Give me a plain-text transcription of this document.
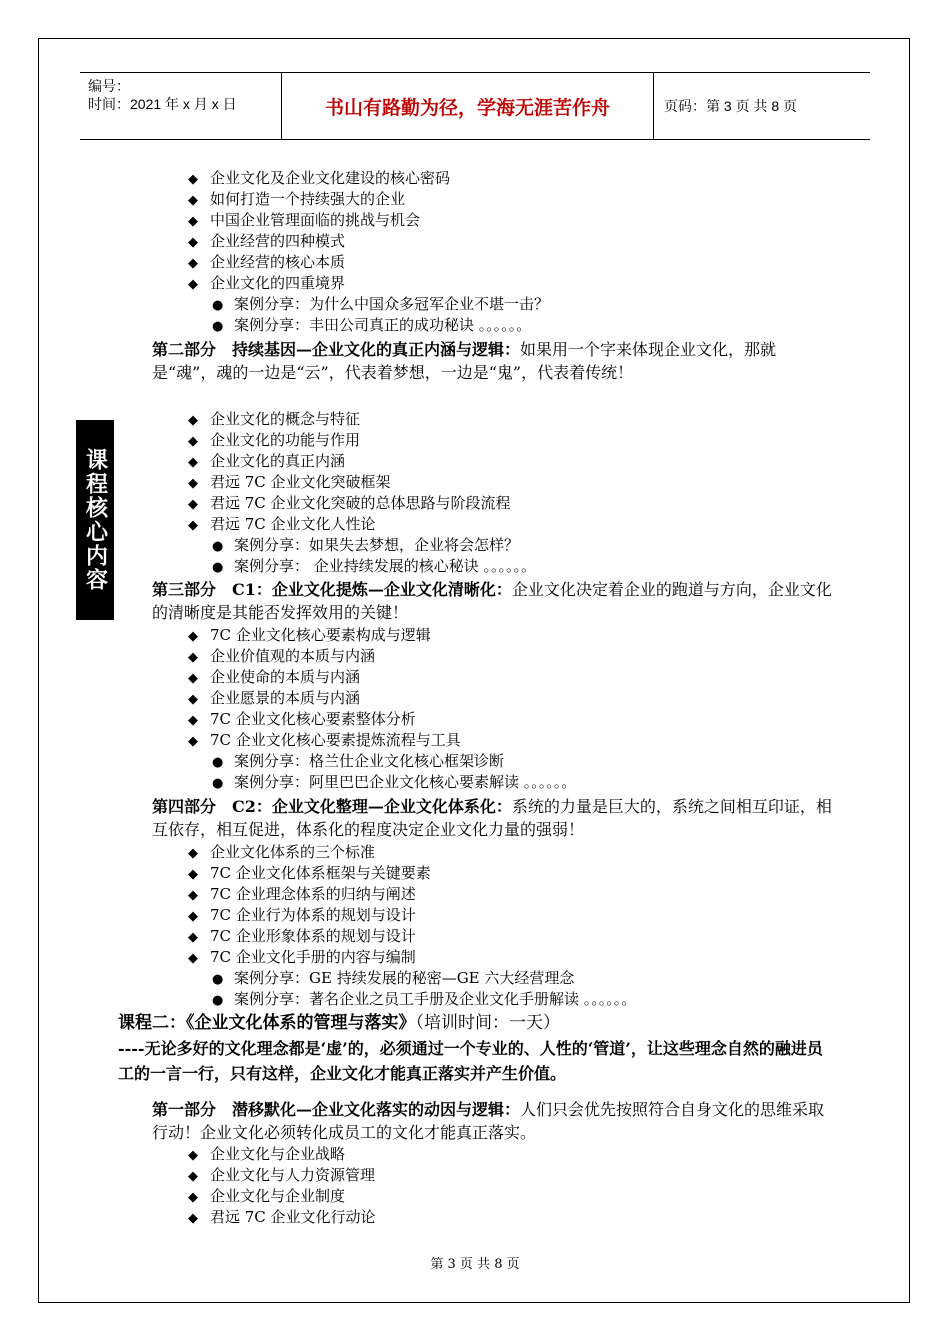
编号：
时间：2021 年 x 月 x 日	书山有路勤为径，学海无涯苦作舟	页码：第 3 页 共 8 页
课程核心内容
◆ 企业文化及企业文化建设的核心密码
◆ 如何打造一个持续强大的企业
◆ 中国企业管理面临的挑战与机会
◆ 企业经营的四种模式
◆ 企业经营的核心本质
◆ 企业文化的四重境界
● 案例分享：为什么中国众多冠军企业不堪一击？
● 案例分享：丰田公司真正的成功秘诀 。。。。。。
第二部分　持续基因—企业文化的真正内涵与逻辑：如果用一个字来体现企业文化，那就是“魂”，魂的一边是“云”，代表着梦想，一边是“鬼”，代表着传统！
◆ 企业文化的概念与特征
◆ 企业文化的功能与作用
◆ 企业文化的真正内涵
◆ 君远 7C 企业文化突破框架
◆ 君远 7C 企业文化突破的总体思路与阶段流程
◆ 君远 7C 企业文化人性论
● 案例分享：如果失去梦想，企业将会怎样？
● 案例分享： 企业持续发展的核心秘诀 。。。。。。
第三部分　C1：企业文化提炼—企业文化清晰化：企业文化决定着企业的跑道与方向，企业文化的清晰度是其能否发挥效用的关键！
◆ 7C 企业文化核心要素构成与逻辑
◆ 企业价值观的本质与内涵
◆ 企业使命的本质与内涵
◆ 企业愿景的本质与内涵
◆ 7C 企业文化核心要素整体分析
◆ 7C 企业文化核心要素提炼流程与工具
● 案例分享：格兰仕企业文化核心框架诊断
● 案例分享：阿里巴巴企业文化核心要素解读 。。。。。。
第四部分　C2：企业文化整理—企业文化体系化：系统的力量是巨大的，系统之间相互印证，相互依存，相互促进，体系化的程度决定企业文化力量的强弱！
◆ 企业文化体系的三个标准
◆ 7C 企业文化体系框架与关键要素
◆ 7C 企业理念体系的归纳与阐述
◆ 7C 企业行为体系的规划与设计
◆ 7C 企业形象体系的规划与设计
◆ 7C 企业文化手册的内容与编制
● 案例分享：GE 持续发展的秘密—GE 六大经营理念
● 案例分享：著名企业之员工手册及企业文化手册解读 。。。。。。
课程二：《企业文化体系的管理与落实》（培训时间：一天）
----无论多好的文化理念都是‘虚’的，必须通过一个专业的、人性的‘管道’，让这些理念自然的融进员工的一言一行，只有这样，企业文化才能真正落实并产生价值。
第一部分　潜移默化—企业文化落实的动因与逻辑：人们只会优先按照符合自身文化的思维采取行动！企业文化必须转化成员工的文化才能真正落实。
◆ 企业文化与企业战略
◆ 企业文化与人力资源管理
◆ 企业文化与企业制度
◆ 君远 7C 企业文化行动论
第 3 页 共 8 页
